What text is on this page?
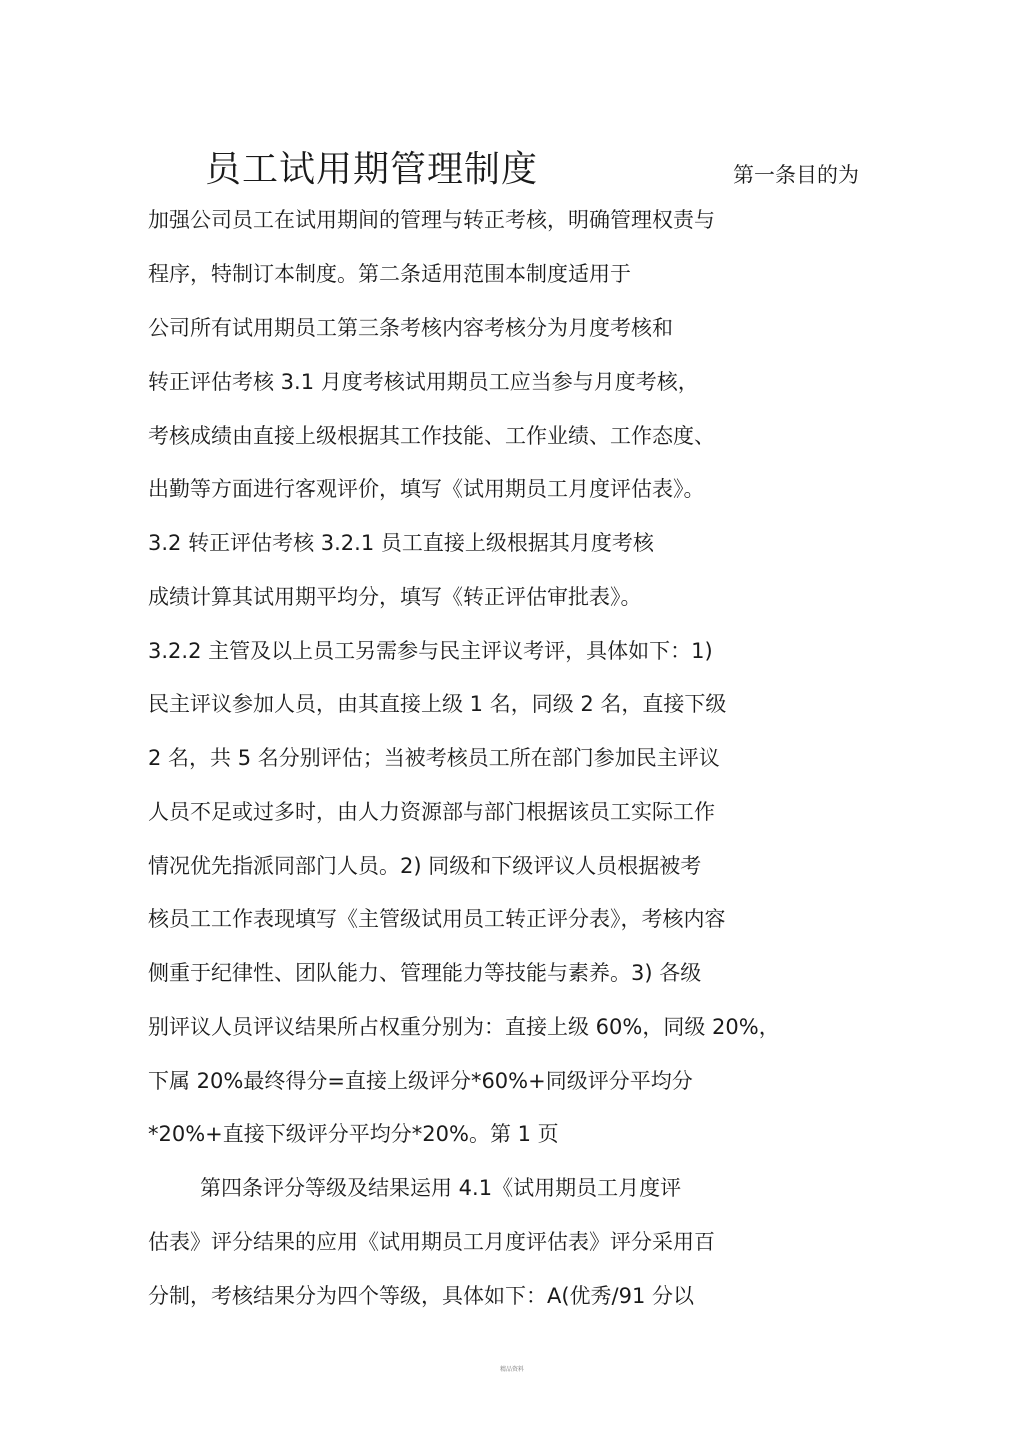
员工试用期管理制度	第一条目的为
加强公司员工在试用期间的管理与转正考核，明确管理权责与
程序，特制订本制度。第二条适用范围本制度适用于
公司所有试用期员工第三条考核内容考核分为月度考核和
转正评估考核 3.1 月度考核试用期员工应当参与月度考核，
考核成绩由直接上级根据其工作技能、工作业绩、工作态度、
出勤等方面进行客观评价，填写《试用期员工月度评估表》。
3.2 转正评估考核 3.2.1 员工直接上级根据其月度考核
成绩计算其试用期平均分，填写《转正评估审批表》。
3.2.2 主管及以上员工另需参与民主评议考评，具体如下：1)
民主评议参加人员，由其直接上级 1 名，同级 2 名，直接下级
2 名，共 5 名分别评估；当被考核员工所在部门参加民主评议
人员不足或过多时，由人力资源部与部门根据该员工实际工作
情况优先指派同部门人员。2) 同级和下级评议人员根据被考
核员工工作表现填写《主管级试用员工转正评分表》，考核内容
侧重于纪律性、团队能力、管理能力等技能与素养。3) 各级
别评议人员评议结果所占权重分别为：直接上级 60%，同级 20%，
下属 20%最终得分=直接上级评分*60%+同级评分平均分
*20%+直接下级评分平均分*20%。第 1 页
第四条评分等级及结果运用 4.1《试用期员工月度评
估表》评分结果的应用《试用期员工月度评估表》评分采用百
分制，考核结果分为四个等级，具体如下：A(优秀/91 分以
精品资料
